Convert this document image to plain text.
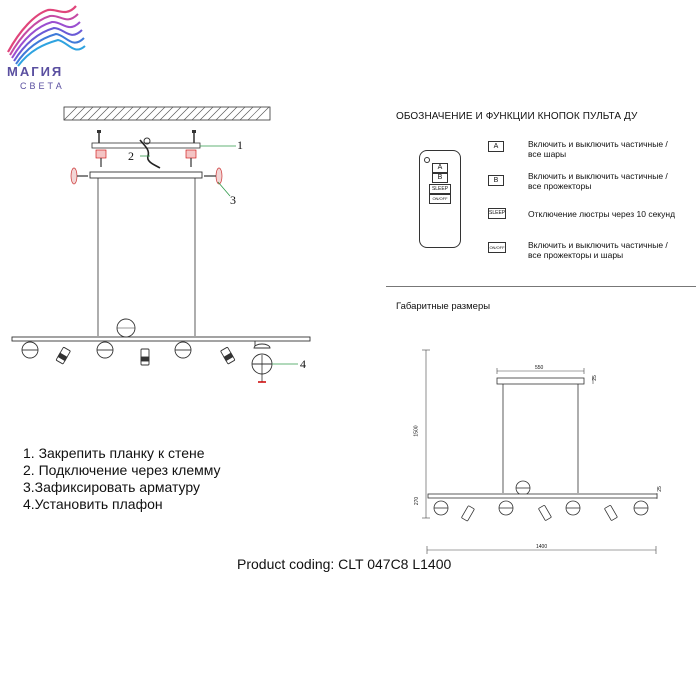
МАГИЯ
СВЕТА
1
2
3
4
1. Закрепить планку к стене
2. Подключение через клемму
3.Зафиксировать арматуру
4.Установить плафон
ОБОЗНАЧЕНИЕ И ФУНКЦИИ КНОПОК ПУЛЬТА ДУ
A
B
SLEEP
ON/OFF
A	Включить и выключить частичные / все шары
B	Включить и выключить частичные / все прожекторы
SLEEP	Отключение люстры через 10 секунд
ON/OFF	Включить и выключить частичные / все прожекторы и шары
Габаритные размеры
550
25
1500
270
25
1400
Product coding: CLT 047C8 L1400
